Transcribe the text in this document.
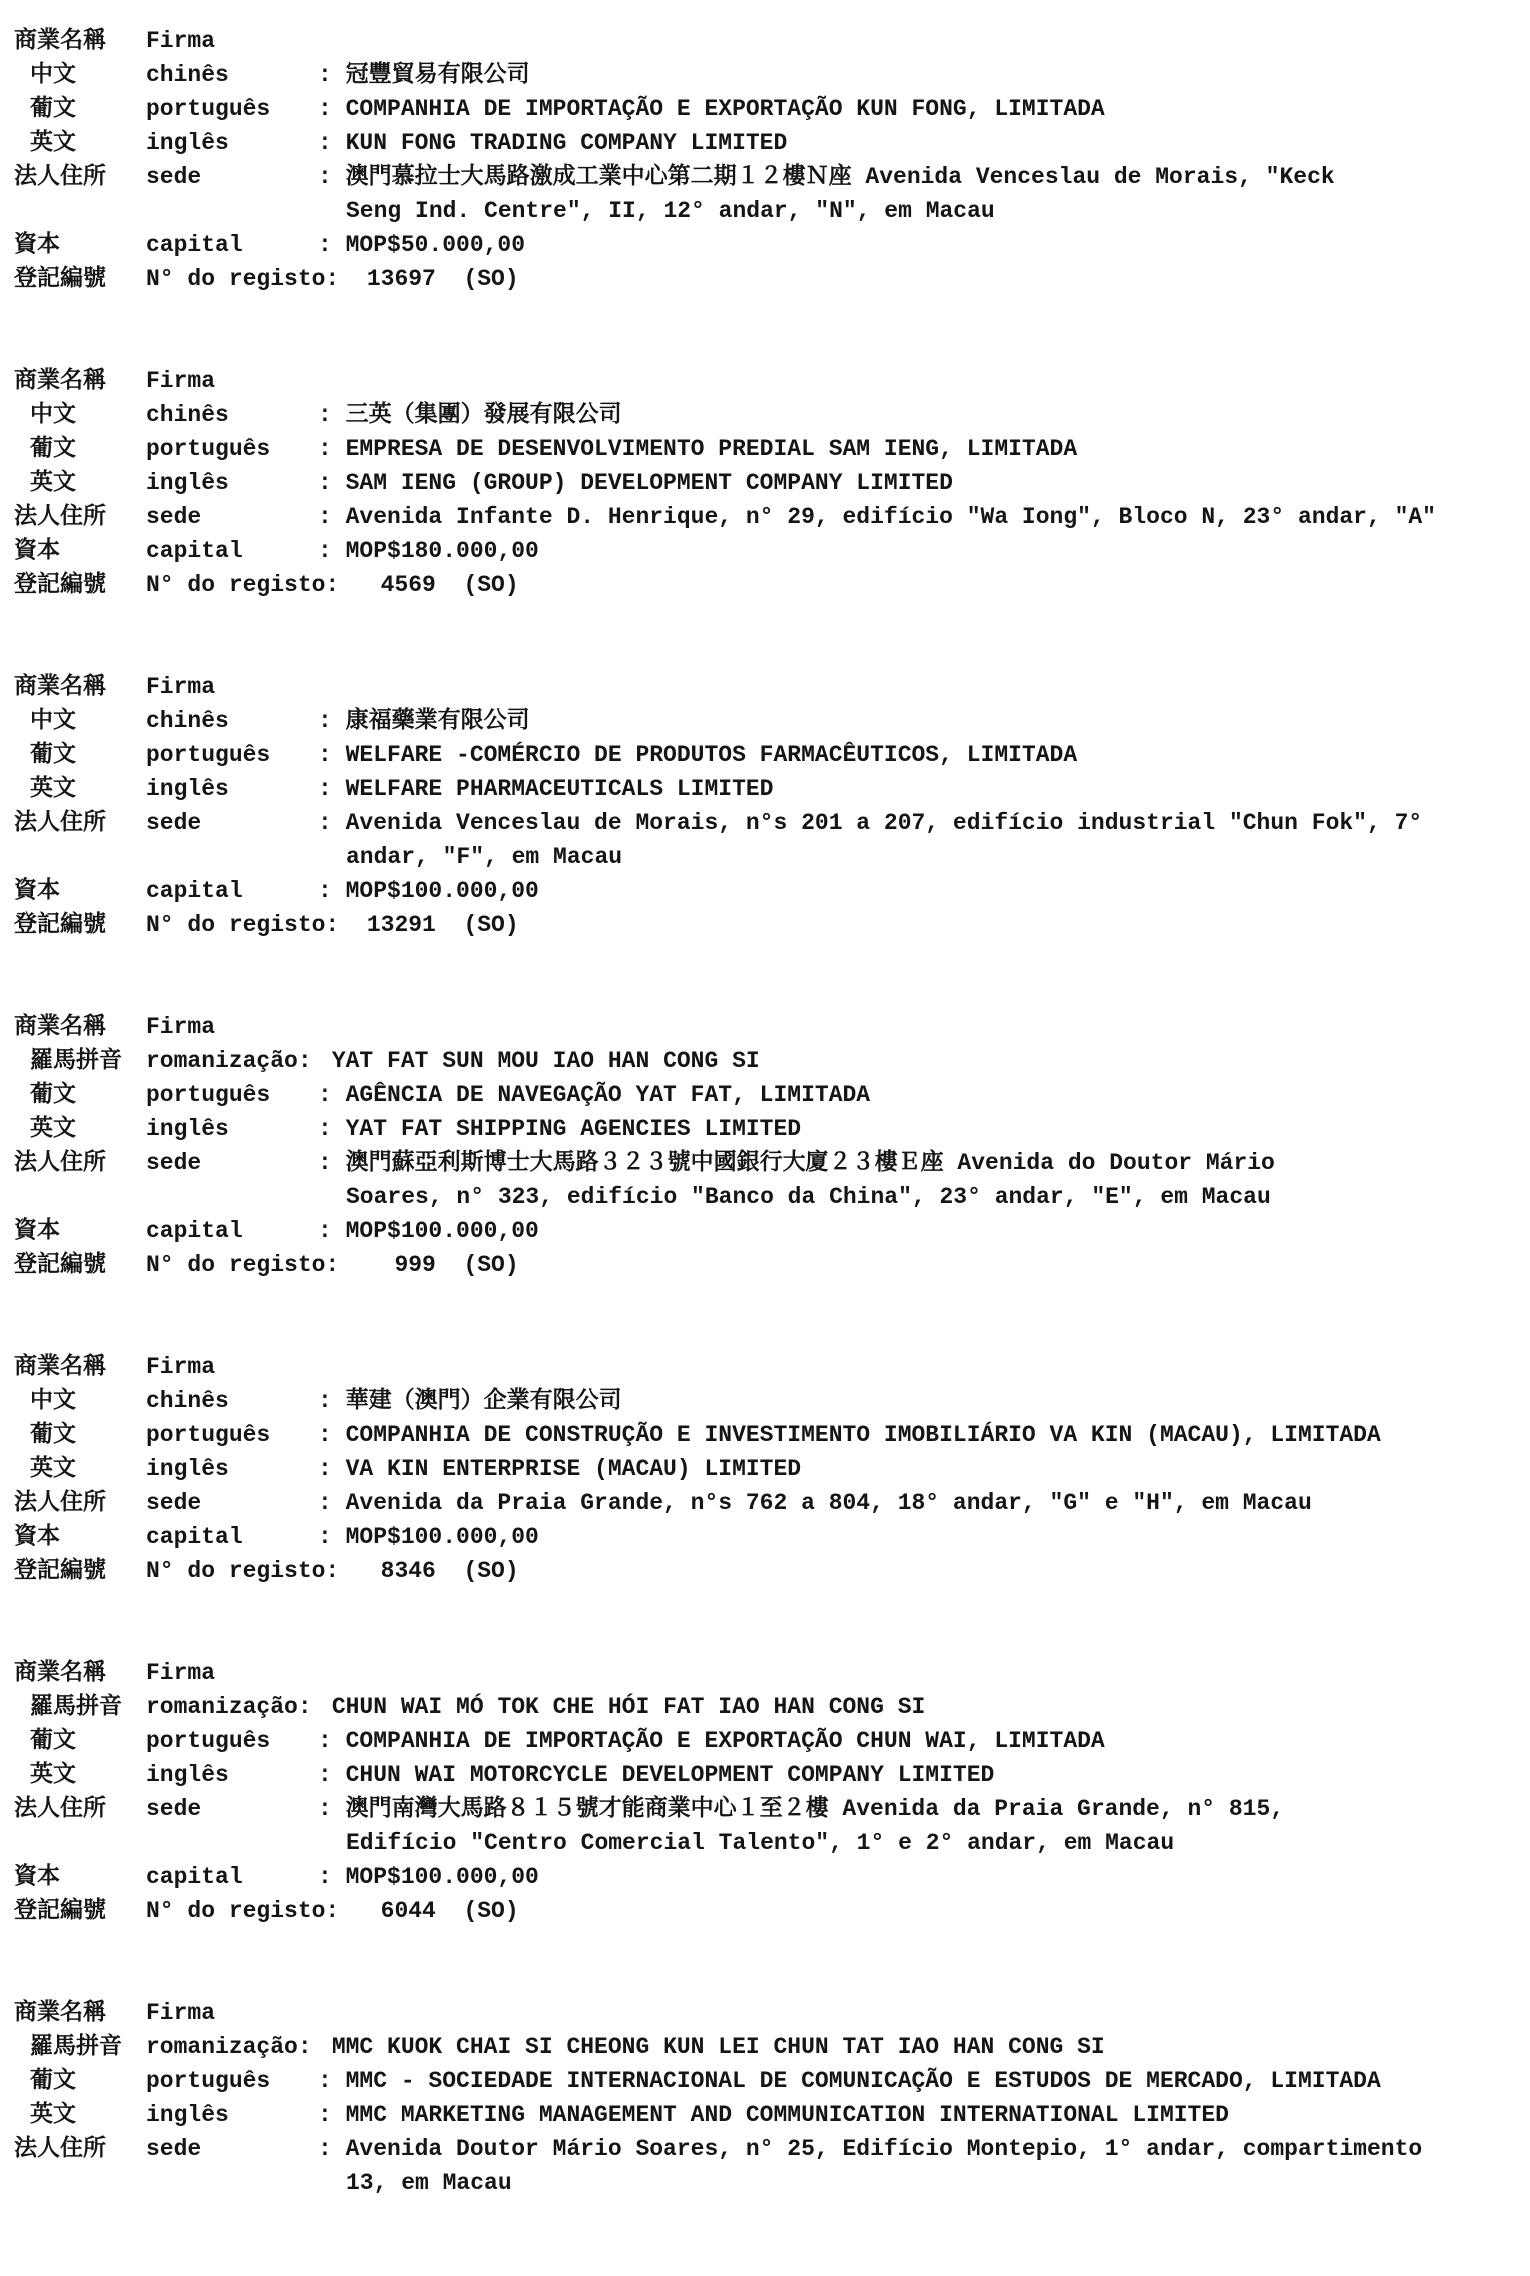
商業名稱	Firma
中文	chinês	: 冠豐貿易有限公司
葡文	português	: COMPANHIA DE IMPORTAÇÃO E EXPORTAÇÃO KUN FONG, LIMITADA
英文	inglês	: KUN FONG TRADING COMPANY LIMITED
法人住所	sede	: 澳門慕拉士大馬路激成工業中心第二期１２樓Ｎ座 Avenida Venceslau de Morais, "Keck
Seng Ind. Centre", II, 12° andar, "N", em Macau
資本	capital	: MOP$50.000,00
登記編號	N° do registo: 13697  (SO)
商業名稱	Firma
中文	chinês	: 三英（集團）發展有限公司
葡文	português	: EMPRESA DE DESENVOLVIMENTO PREDIAL SAM IENG, LIMITADA
英文	inglês	: SAM IENG (GROUP) DEVELOPMENT COMPANY LIMITED
法人住所	sede	: Avenida Infante D. Henrique, n° 29, edifício "Wa Iong", Bloco N, 23° andar, "A"
資本	capital	: MOP$180.000,00
登記編號	N° do registo: 4569  (SO)
商業名稱	Firma
中文	chinês	: 康福藥業有限公司
葡文	português	: WELFARE -COMÉRCIO DE PRODUTOS FARMACÊUTICOS, LIMITADA
英文	inglês	: WELFARE PHARMACEUTICALS LIMITED
法人住所	sede	: Avenida Venceslau de Morais, n°s 201 a 207, edifício industrial "Chun Fok", 7°
andar, "F", em Macau
資本	capital	: MOP$100.000,00
登記編號	N° do registo: 13291  (SO)
商業名稱	Firma
羅馬拼音	romanização: YAT FAT SUN MOU IAO HAN CONG SI
葡文	português	: AGÊNCIA DE NAVEGAÇÃO YAT FAT, LIMITADA
英文	inglês	: YAT FAT SHIPPING AGENCIES LIMITED
法人住所	sede	: 澳門蘇亞利斯博士大馬路３２３號中國銀行大廈２３樓Ｅ座 Avenida do Doutor Mário
Soares, n° 323, edifício "Banco da China", 23° andar, "E", em Macau
資本	capital	: MOP$100.000,00
登記編號	N° do registo: 999  (SO)
商業名稱	Firma
中文	chinês	: 華建（澳門）企業有限公司
葡文	português	: COMPANHIA DE CONSTRUÇÃO E INVESTIMENTO IMOBILIÁRIO VA KIN (MACAU), LIMITADA
英文	inglês	: VA KIN ENTERPRISE (MACAU) LIMITED
法人住所	sede	: Avenida da Praia Grande, n°s 762 a 804, 18° andar, "G" e "H", em Macau
資本	capital	: MOP$100.000,00
登記編號	N° do registo: 8346  (SO)
商業名稱	Firma
羅馬拼音	romanização: CHUN WAI MÓ TOK CHE HÓI FAT IAO HAN CONG SI
葡文	português	: COMPANHIA DE IMPORTAÇÃO E EXPORTAÇÃO CHUN WAI, LIMITADA
英文	inglês	: CHUN WAI MOTORCYCLE DEVELOPMENT COMPANY LIMITED
法人住所	sede	: 澳門南灣大馬路８１５號才能商業中心１至２樓 Avenida da Praia Grande, n° 815,
Edifício "Centro Comercial Talento", 1° e 2° andar, em Macau
資本	capital	: MOP$100.000,00
登記編號	N° do registo: 6044  (SO)
商業名稱	Firma
羅馬拼音	romanização: MMC KUOK CHAI SI CHEONG KUN LEI CHUN TAT IAO HAN CONG SI
葡文	português	: MMC - SOCIEDADE INTERNACIONAL DE COMUNICAÇÃO E ESTUDOS DE MERCADO, LIMITADA
英文	inglês	: MMC MARKETING MANAGEMENT AND COMMUNICATION INTERNATIONAL LIMITED
法人住所	sede	: Avenida Doutor Mário Soares, n° 25, Edifício Montepio, 1° andar, compartimento
13, em Macau
